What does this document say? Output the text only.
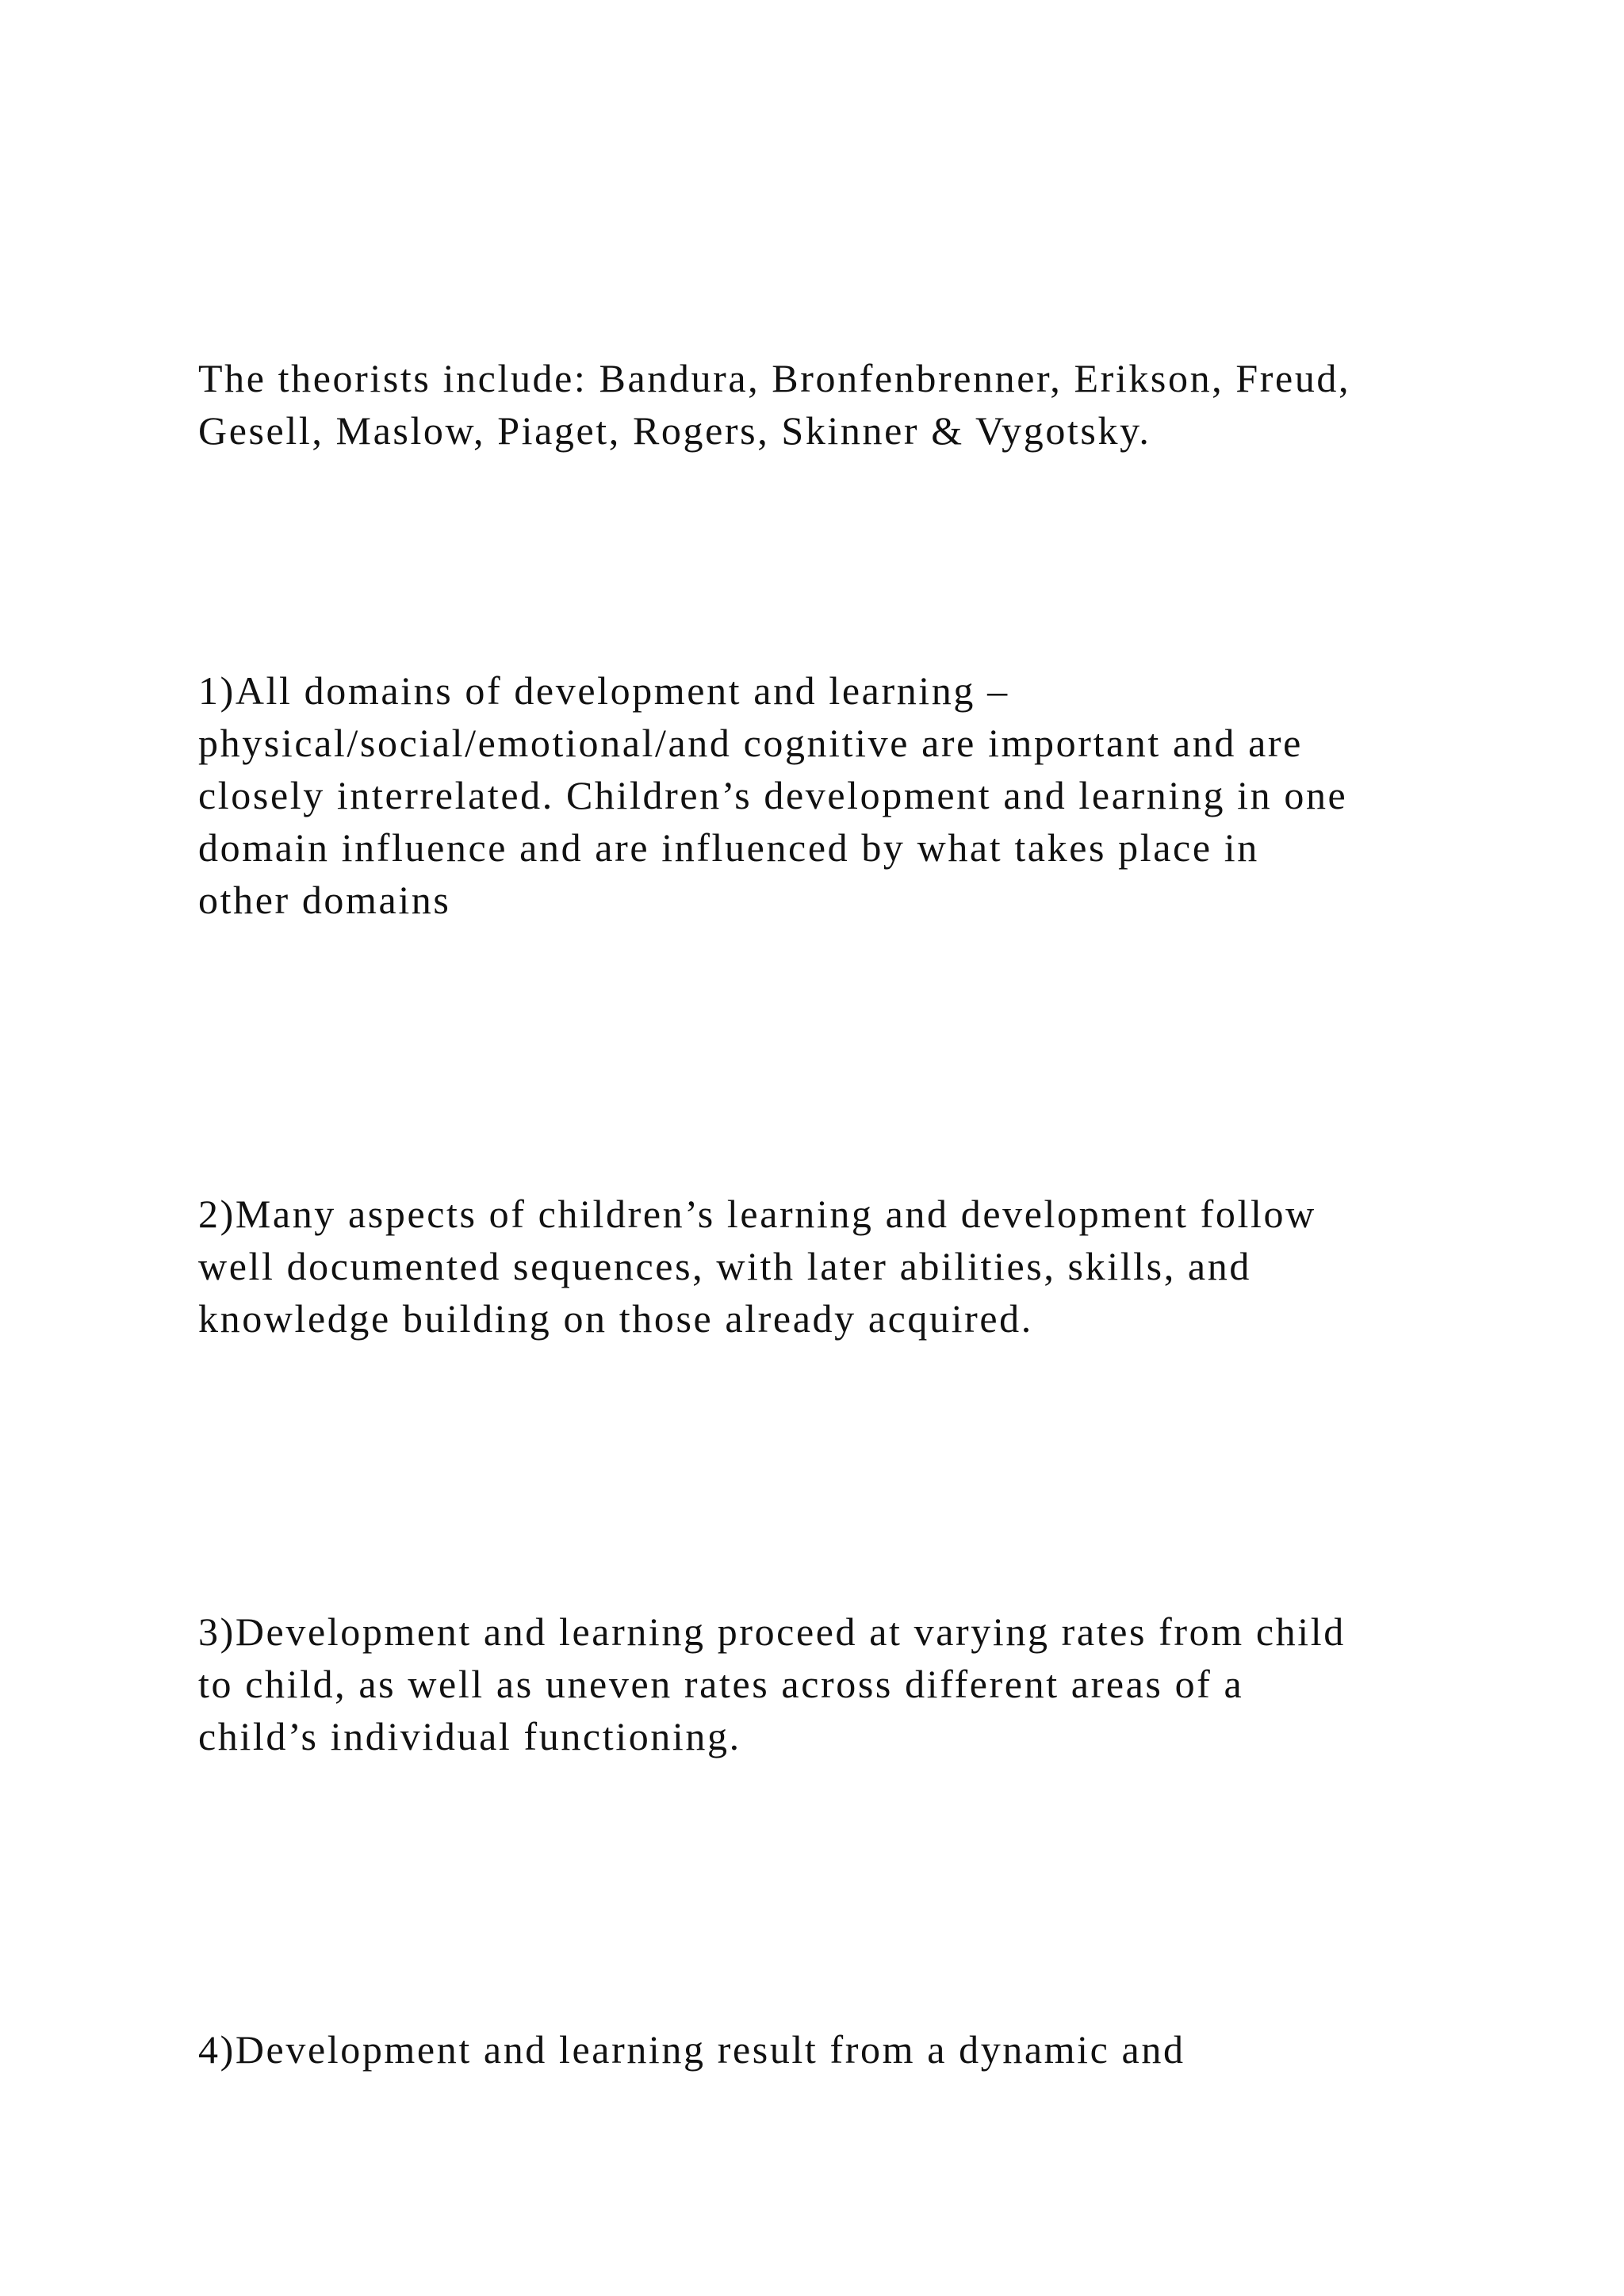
The theorists include: Bandura, Bronfenbrenner, Erikson, Freud,
Gesell, Maslow, Piaget, Rogers, Skinner & Vygotsky.

1)All domains of development and learning –
physical/social/emotional/and cognitive are important and are
closely interrelated. Children’s development and learning in one
domain influence and are influenced by what takes place in
other domains

2)Many aspects of children’s learning and development follow
well documented sequences, with later abilities, skills, and
knowledge building on those already acquired.

3)Development and learning proceed at varying rates from child
to child, as well as uneven rates across different areas of a
child’s individual functioning.

4)Development and learning result from a dynamic and
